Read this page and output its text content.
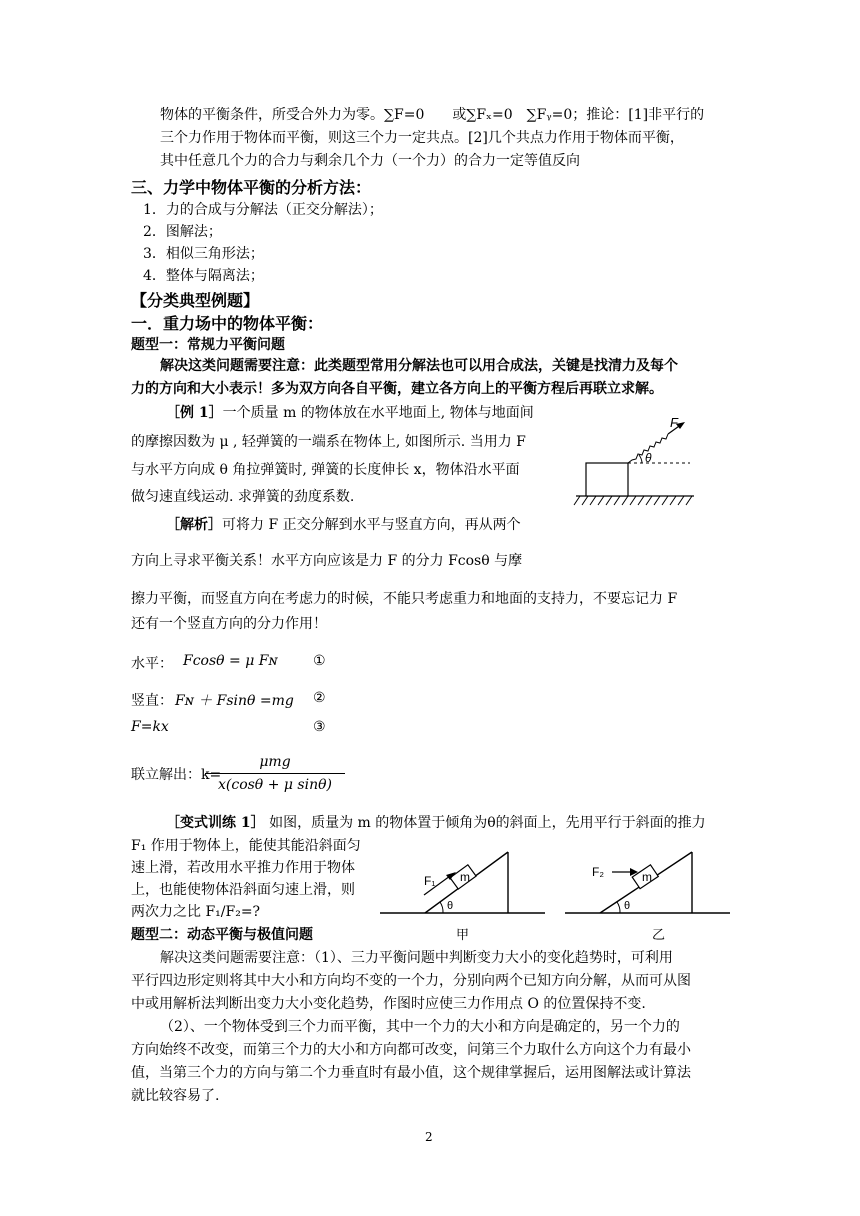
物体的平衡条件，所受合外力为零。∑F=0　　或∑Fₓ=0　∑Fᵧ=0；推论：[1]非平行的
三个力作用于物体而平衡，则这三个力一定共点。[2]几个共点力作用于物体而平衡，
其中任意几个力的合力与剩余几个力（一个力）的合力一定等值反向
三、力学中物体平衡的分析方法：
1．力的合成与分解法（正交分解法）；
2．图解法；
3．相似三角形法；
4．整体与隔离法；
【分类典型例题】
一．重力场中的物体平衡：
题型一：常规力平衡问题
解决这类问题需要注意：此类题型常用分解法也可以用合成法，关键是找清力及每个
力的方向和大小表示！多为双方向各自平衡，建立各方向上的平衡方程后再联立求解。
［例 1］一个质量 m 的物体放在水平地面上, 物体与地面间
的摩擦因数为 μ , 轻弹簧的一端系在物体上, 如图所示. 当用力 F
与水平方向成 θ 角拉弹簧时, 弹簧的长度伸长 x，物体沿水平面
做匀速直线运动. 求弹簧的劲度系数.
θ
F
［解析］可将力 F 正交分解到水平与竖直方向，再从两个
方向上寻求平衡关系！水平方向应该是力 F 的分力 Fcosθ 与摩
擦力平衡，而竖直方向在考虑力的时候，不能只考虑重力和地面的支持力，不要忘记力 F
还有一个竖直方向的分力作用！
水平： Fcosθ = μ Fɴ	①
竖直： Fɴ ＋ Fsinθ =mg ②
F=kx	③
联立解出：k=
μmg
x(cosθ + μ sinθ)
［变式训练 1］ 如图，质量为 m 的物体置于倾角为θ的斜面上，先用平行于斜面的推力
F₁ 作用于物体上，能使其能沿斜面匀
速上滑，若改用水平推力作用于物体
上，也能使物体沿斜面匀速上滑，则
两次力之比 F₁/F₂=?
m
F₁
θ
甲
m
F₂
θ
乙
题型二：动态平衡与极值问题
解决这类问题需要注意：（1）、三力平衡问题中判断变力大小的变化趋势时，可利用
平行四边形定则将其中大小和方向均不变的一个力，分别向两个已知方向分解，从而可从图
中或用解析法判断出变力大小变化趋势，作图时应使三力作用点 O 的位置保持不变.
（2）、一个物体受到三个力而平衡，其中一个力的大小和方向是确定的，另一个力的
方向始终不改变，而第三个力的大小和方向都可改变，问第三个力取什么方向这个力有最小
值，当第三个力的方向与第二个力垂直时有最小值，这个规律掌握后，运用图解法或计算法
就比较容易了.
2
